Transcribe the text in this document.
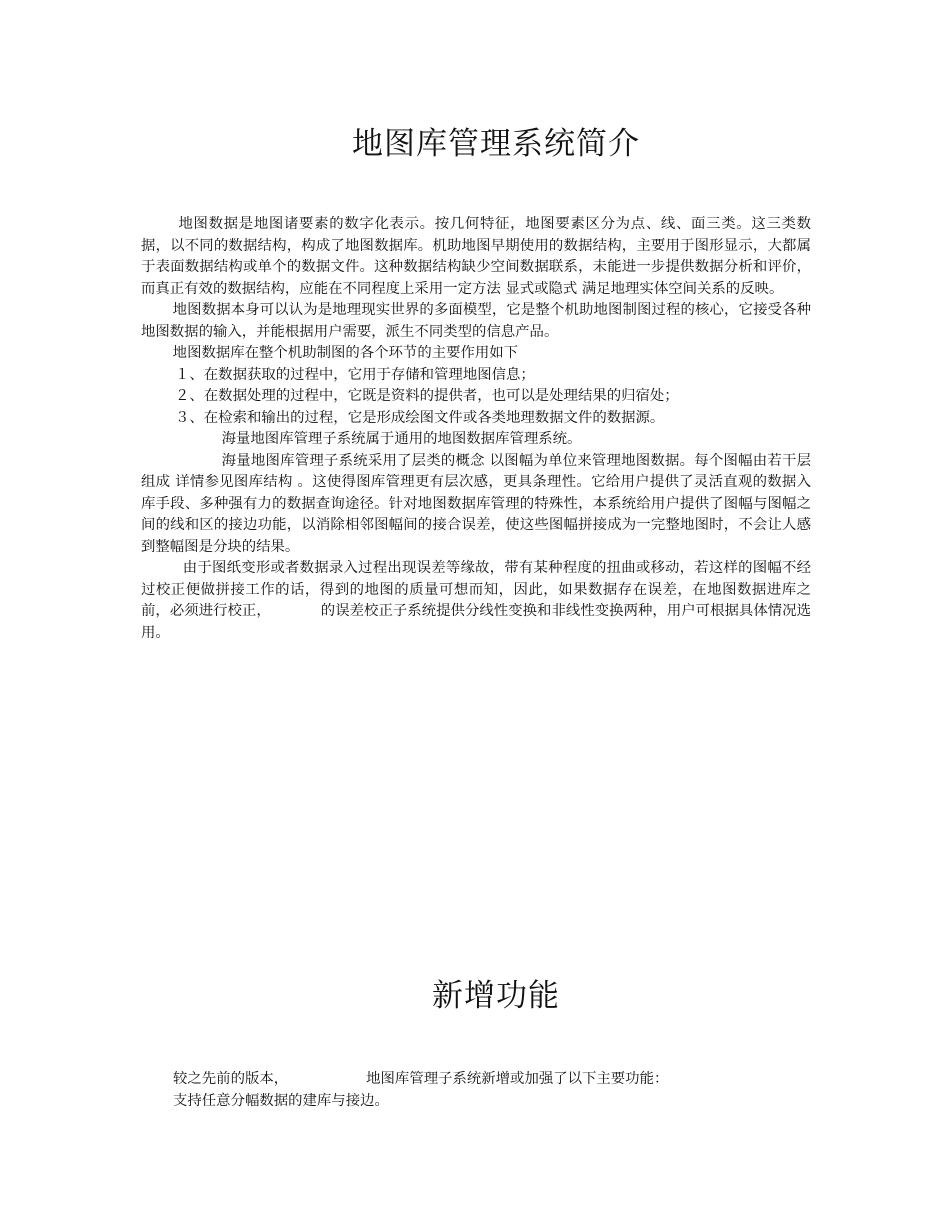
地图库管理系统简介

地图数据是地图诸要素的数字化表示。按几何特征，地图要素区分为点、线、面三类。这三类数据，以不同的数据结构，构成了地图数据库。机助地图早期使用的数据结构，主要用于图形显示，大都属于表面数据结构或单个的数据文件。这种数据结构缺少空间数据联系，未能进一步提供数据分析和评价，而真正有效的数据结构，应能在不同程度上采用一定方法 显式或隐式 满足地理实体空间关系的反映。

地图数据本身可以认为是地理现实世界的多面模型，它是整个机助地图制图过程的核心，它接受各种地图数据的输入，并能根据用户需要，派生不同类型的信息产品。

地图数据库在整个机助制图的各个环节的主要作用如下

１、在数据获取的过程中，它用于存储和管理地图信息；

２、在数据处理的过程中，它既是资料的提供者，也可以是处理结果的归宿处；

３、在检索和输出的过程，它是形成绘图文件或各类地理数据文件的数据源。

海量地图库管理子系统属于通用的地图数据库管理系统。

海量地图库管理子系统采用了层类的概念 以图幅为单位来管理地图数据。每个图幅由若干层组成 详情参见图库结构 。这使得图库管理更有层次感，更具条理性。它给用户提供了灵活直观的数据入库手段、多种强有力的数据查询途径。针对地图数据库管理的特殊性，本系统给用户提供了图幅与图幅之间的线和区的接边功能，以消除相邻图幅间的接合误差，使这些图幅拼接成为一完整地图时，不会让人感到整幅图是分块的结果。

由于图纸变形或者数据录入过程出现误差等缘故，带有某种程度的扭曲或移动，若这样的图幅不经过校正便做拼接工作的话，得到的地图的质量可想而知，因此，如果数据存在误差，在地图数据进库之前，必须进行校正，	的误差校正子系统提供分线性变换和非线性变换两种，用户可根据具体情况选用。

新增功能

较之先前的版本，	地图库管理子系统新增或加强了以下主要功能：

支持任意分幅数据的建库与接边。
